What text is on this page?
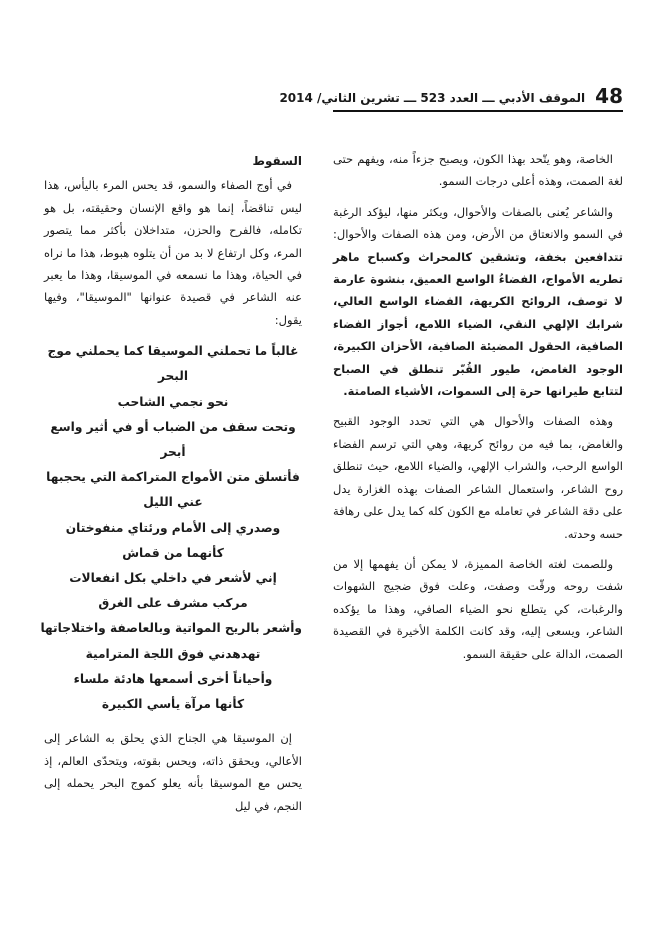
48
الموقف الأدبي ـــ العدد 523 ـــ تشرين الثاني/ 2014

الخاصة، وهو يتّحد بهذا الكون، ويصبح جزءاً منه، ويفهم حتى لغة الصمت، وهذه أعلى درجات السمو.

والشاعر يُعنى بالصفات والأحوال، ويكثر منها، ليؤكد الرغبة في السمو والانعتاق من الأرض، ومن هذه الصفات والأحوال: تتدافعين بخفة، وتشقين كالمحراث وكسباح ماهر تطريه الأمواج، الفضاءُ الواسع العميق، بنشوة عارمة لا توصف، الروائح الكريهة، الفضاء الواسع العالي، شرابك الإلهي النقي، الضياء اللامع، أجواز الفضاء الصافية، الحقول المضيئة الصافية، الأحزان الكبيرة، الوجود الغامض، طيور القُبّر تنطلق في الصباح لتتابع طيرانها حرة إلى السموات، الأشياء الصامتة.

وهذه الصفات والأحوال هي التي تحدد الوجود القبيح والغامض، بما فيه من روائح كريهة، وهي التي ترسم الفضاء الواسع الرحب، والشراب الإلهي، والضياء اللامع، حيث تنطلق روح الشاعر، واستعمال الشاعر الصفات بهذه الغزارة يدل على دقة الشاعر في تعامله مع الكون كله كما يدل على رهافة حسه وحدته.

وللصمت لغته الخاصة المميزة، لا يمكن أن يفهمها إلا من شفت روحه ورقّت وصفت، وعلت فوق ضجيج الشهوات والرغبات، كي يتطلع نحو الضياء الصافي، وهذا ما يؤكده الشاعر، ويسعى إليه، وقد كانت الكلمة الأخيرة في القصيدة الصمت، الدالة على حقيقة السمو.

السقوط

في أوج الصفاء والسمو، قد يحس المرء باليأس، هذا ليس تناقضاً، إنما هو واقع الإنسان وحقيقته، بل هو تكامله، فالفرح والحزن، متداخلان بأكثر مما يتصور المرء، وكل ارتفاع لا بد من أن يتلوه هبوط، هذا ما نراه في الحياة، وهذا ما نسمعه في الموسيقا، وهذا ما يعبر عنه الشاعر في قصيدة عنوانها "الموسيقا"، وفيها يقول:

غالباً ما تحملني الموسيقا كما يحملني موج
البحر
نحو نجمي الشاحب
وتحت سقف من الضباب أو في أثير واسع
أبحر
فأتسلق متن الأمواج المتراكمة التي يحجبها
عني الليل
وصدري إلى الأمام ورئتاي منفوختان
كأنهما من قماش
إني لأشعر في داخلي بكل انفعالات
مركب مشرف على الغرق
وأشعر بالريح المواتية وبالعاصفة واختلاجاتها
تهدهدني فوق اللجة المترامية
وأحياناً أخرى أسمعها هادئة ملساء
كأنها مرآة يأسي الكبيرة

إن الموسيقا هي الجناح الذي يحلق به الشاعر إلى الأعالي، ويحقق ذاته، ويحس بقوته، ويتحدّى العالم، إذ يحس مع الموسيقا بأنه يعلو كموج البحر يحمله إلى النجم، في ليل
